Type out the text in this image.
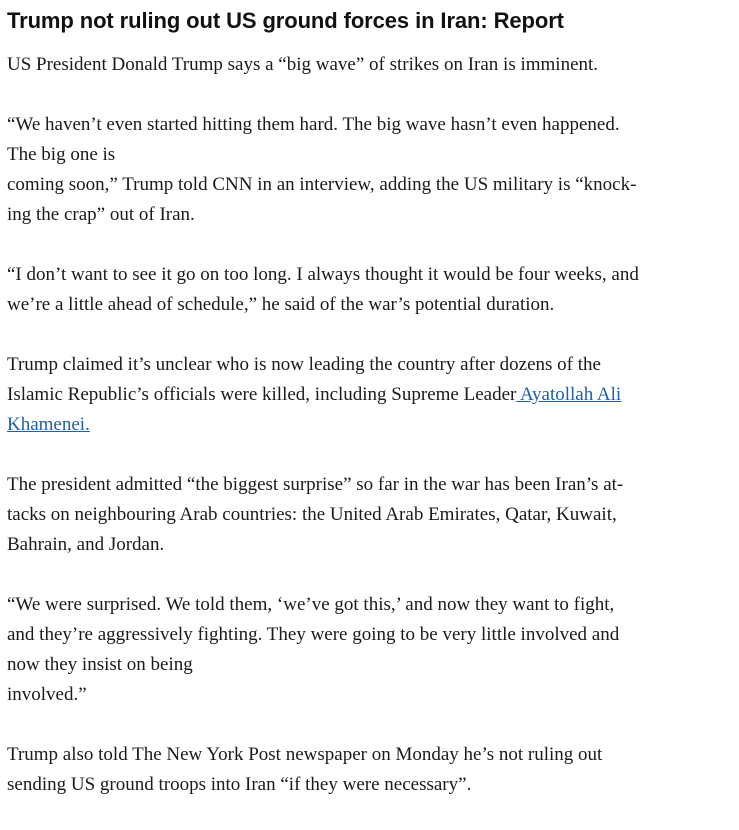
Trump not ruling out US ground forces in Iran: Report

US President Donald Trump says a “big wave” of strikes on Iran is imminent.

“We haven’t even started hitting them hard. The big wave hasn’t even happened.
The big one is
coming soon,” Trump told CNN in an interview, adding the US military is “knock-
ing the crap” out of Iran.

“I don’t want to see it go on too long. I always thought it would be four weeks, and
we’re a little ahead of schedule,” he said of the war’s potential duration.

Trump claimed it’s unclear who is now leading the country after dozens of the
Islamic Republic’s officials were killed, including Supreme Leader Ayatollah Ali
Khamenei.

The president admitted “the biggest surprise” so far in the war has been Iran’s at-
tacks on neighbouring Arab countries: the United Arab Emirates, Qatar, Kuwait,
Bahrain, and Jordan.

“We were surprised. We told them, ‘we’ve got this,’ and now they want to fight,
and they’re aggressively fighting. They were going to be very little involved and
now they insist on being
involved.”

Trump also told The New York Post newspaper on Monday he’s not ruling out
sending US ground troops into Iran “if they were necessary”.
